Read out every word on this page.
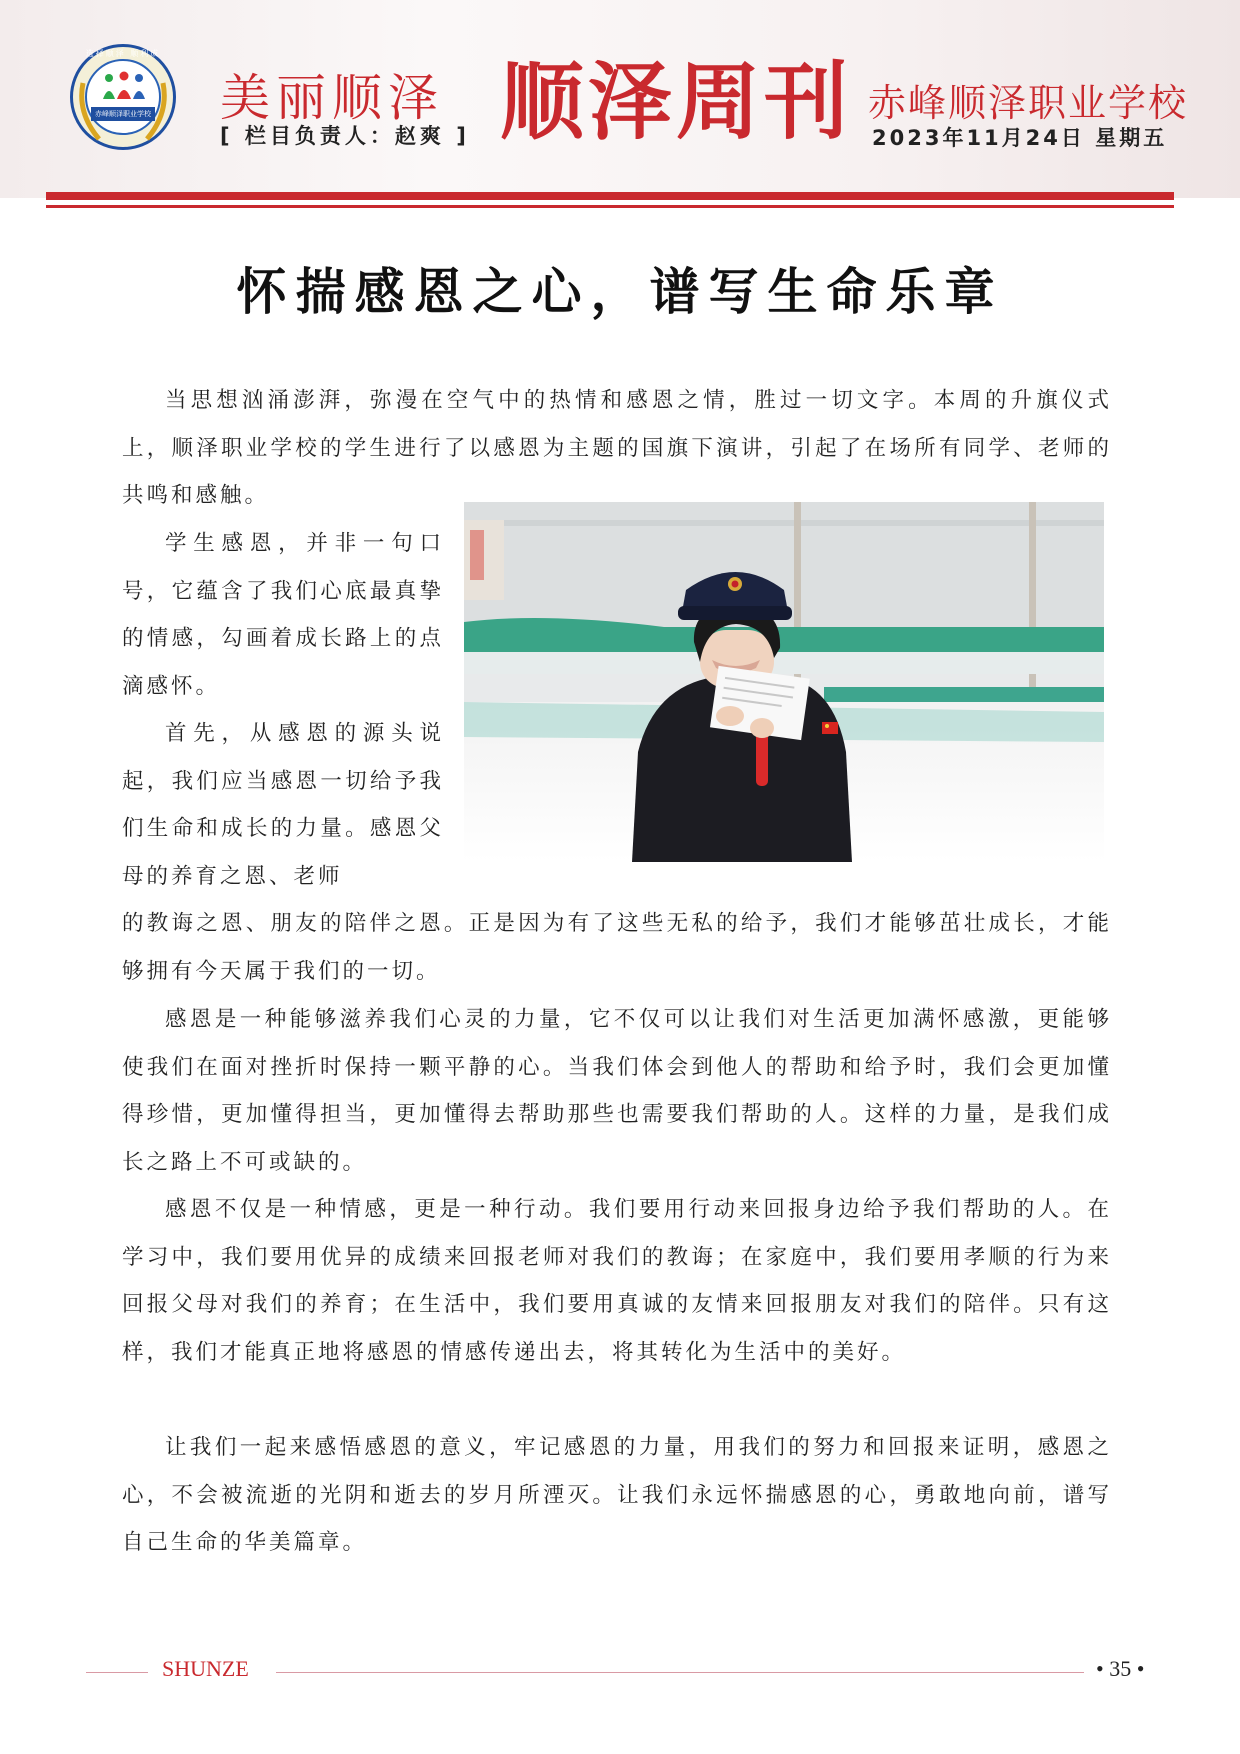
选择顺泽 顺利成
赤峰顺泽职业学校 美丽顺泽
[ 栏目负责人：赵爽 ] 顺泽周刊 赤峰顺泽职业学校
2023年11月24日 星期五
怀揣感恩之心，谱写生命乐章

当思想汹涌澎湃，弥漫在空气中的热情和感恩之情，胜过一切文字。本周的升旗仪式上，顺泽职业学校的学生进行了以感恩为主题的国旗下演讲，引起了在场所有同学、老师的共鸣和感触。

学生感恩，并非一句口号，它蕴含了我们心底最真挚的情感，勾画着成长路上的点滴感怀。

首先，从感恩的源头说起，我们应当感恩一切给予我们生命和成长的力量。感恩父母的养育之恩、老师

的教诲之恩、朋友的陪伴之恩。正是因为有了这些无私的给予，我们才能够茁壮成长，才能够拥有今天属于我们的一切。

感恩是一种能够滋养我们心灵的力量，它不仅可以让我们对生活更加满怀感激，更能够使我们在面对挫折时保持一颗平静的心。当我们体会到他人的帮助和给予时，我们会更加懂得珍惜，更加懂得担当，更加懂得去帮助那些也需要我们帮助的人。这样的力量，是我们成长之路上不可或缺的。

感恩不仅是一种情感，更是一种行动。我们要用行动来回报身边给予我们帮助的人。在学习中，我们要用优异的成绩来回报老师对我们的教诲；在家庭中，我们要用孝顺的行为来回报父母对我们的养育；在生活中，我们要用真诚的友情来回报朋友对我们的陪伴。只有这样，我们才能真正地将感恩的情感传递出去，将其转化为生活中的美好。

让我们一起来感悟感恩的意义，牢记感恩的力量，用我们的努力和回报来证明，感恩之心，不会被流逝的光阴和逝去的岁月所湮灭。让我们永远怀揣感恩的心，勇敢地向前，谱写自己生命的华美篇章。

SHUNZE	• 35 •
